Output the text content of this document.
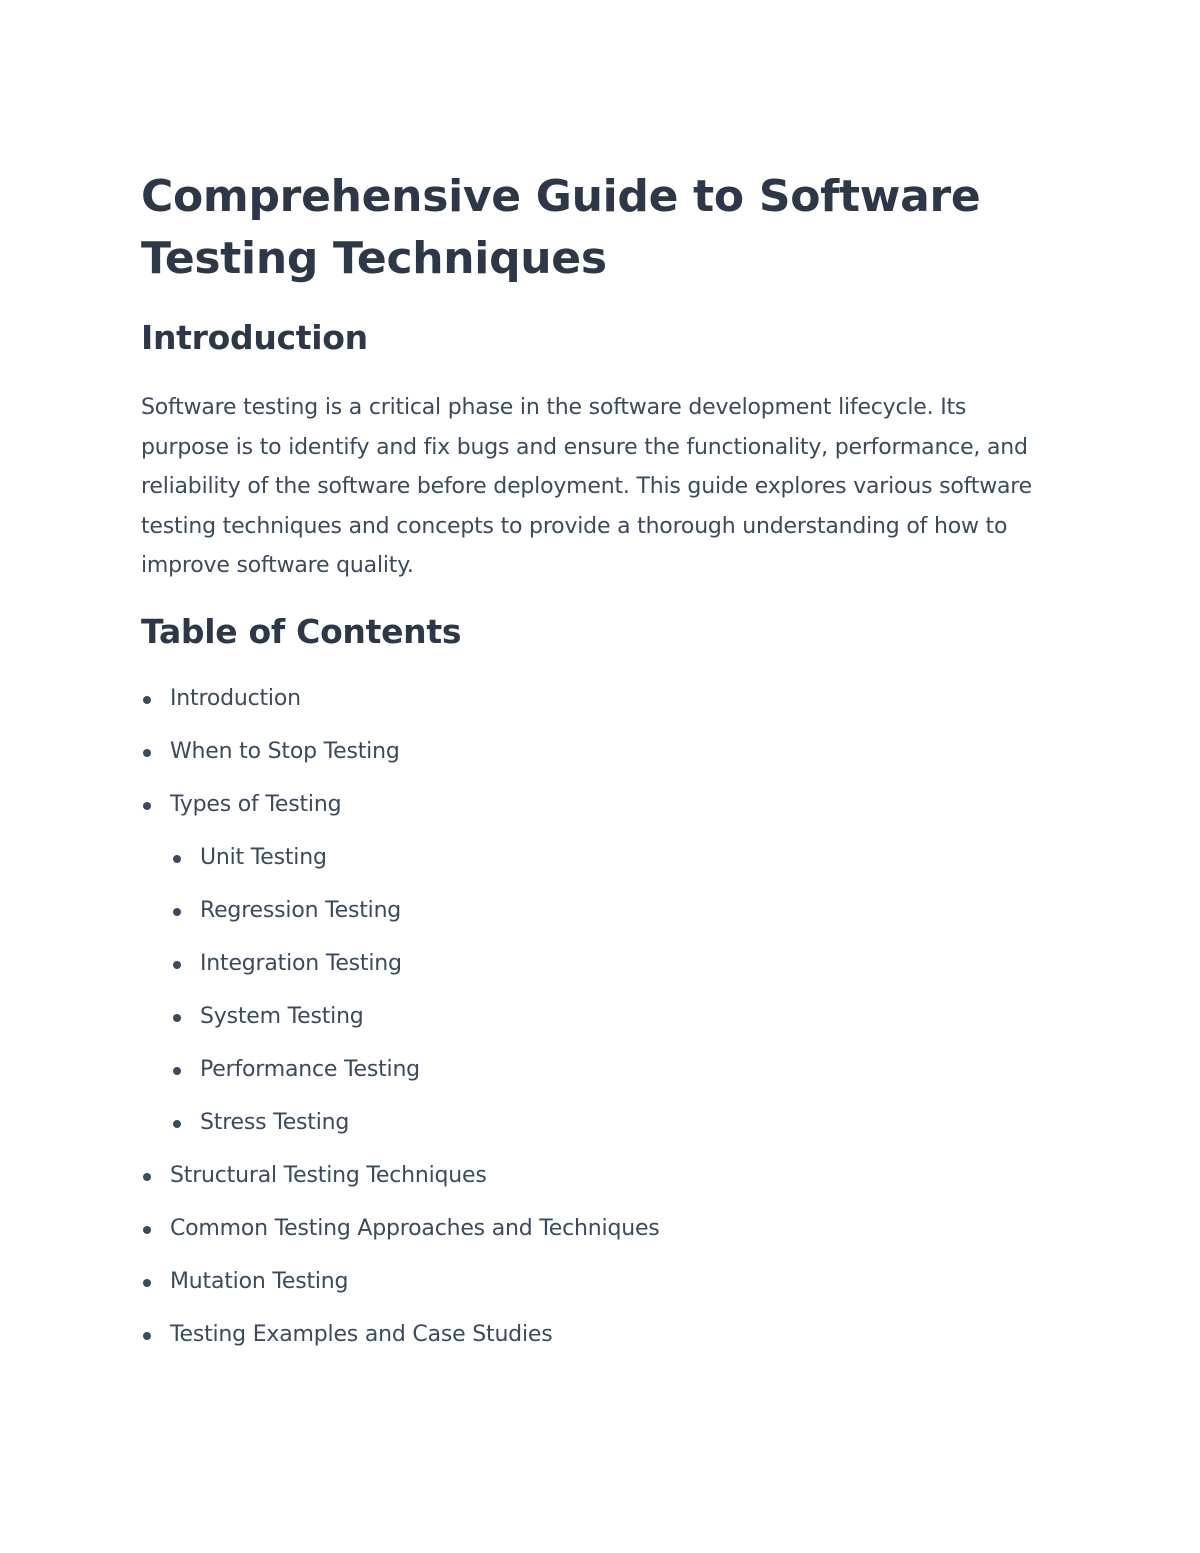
Comprehensive Guide to Software Testing Techniques
Introduction

Software testing is a critical phase in the software development lifecycle. Its purpose is to identify and fix bugs and ensure the functionality, performance, and reliability of the software before deployment. This guide explores various software testing techniques and concepts to provide a thorough understanding of how to improve software quality.

Table of Contents
Introduction
When to Stop Testing
Types of Testing
Unit Testing
Regression Testing
Integration Testing
System Testing
Performance Testing
Stress Testing
Structural Testing Techniques
Common Testing Approaches and Techniques
Mutation Testing
Testing Examples and Case Studies
